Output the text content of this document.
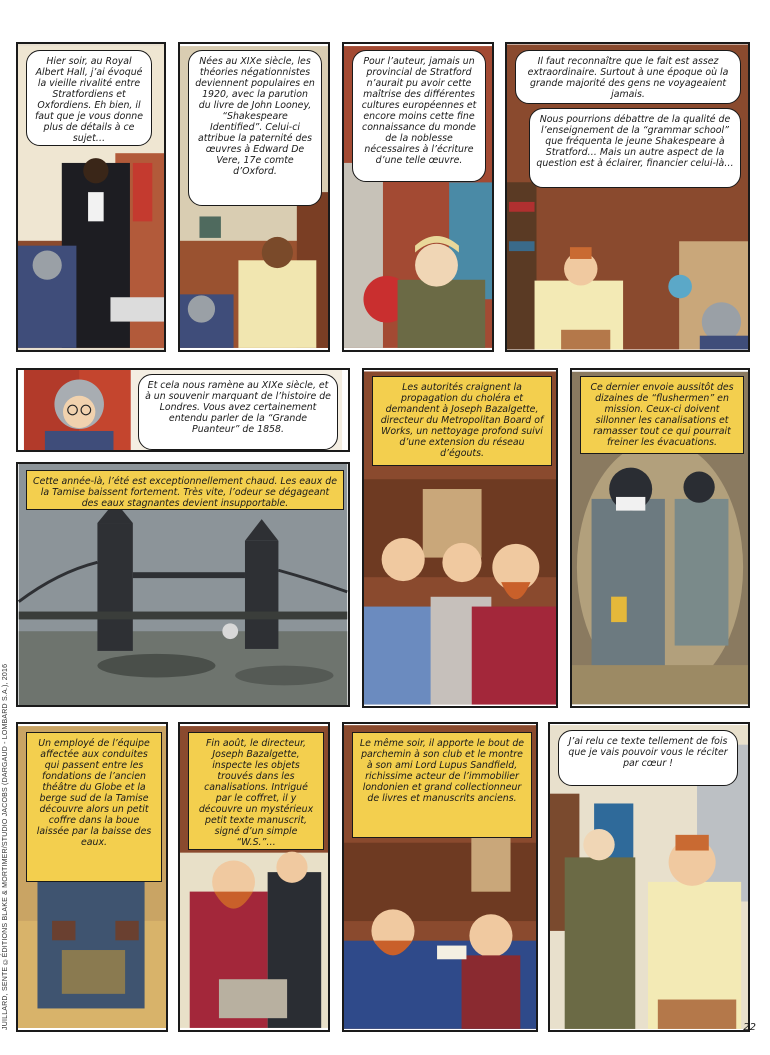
Hier soir, au Royal Albert Hall, j’ai évoqué la vieille rivalité entre Stratfordiens et Oxfordiens. Eh bien, il faut que je vous donne plus de détails à ce sujet…
Nées au XIXe siècle, les théories négationnistes deviennent populaires en 1920, avec la parution du livre de John Looney, “Shakespeare Identified”. Celui-ci attribue la paternité des œuvres à Edward De Vere, 17e comte d’Oxford.
Pour l’auteur, jamais un provincial de Stratford n’aurait pu avoir cette maîtrise des différentes cultures européennes et encore moins cette fine connaissance du monde de la noblesse nécessaires à l’écriture d’une telle œuvre.
Il faut reconnaître que le fait est assez extraordinaire. Surtout à une époque où la grande majorité des gens ne voyageaient jamais.
Nous pourrions débattre de la qualité de l’enseignement de la “grammar school” que fréquenta le jeune Shakespeare à Stratford… Mais un autre aspect de la question est à éclairer, financier celui-là…
Et cela nous ramène au XIXe siècle, et à un souvenir marquant de l’histoire de Londres. Vous avez certainement entendu parler de la “Grande Puanteur” de 1858.
Cette année-là, l’été est exceptionnellement chaud. Les eaux de la Tamise baissent fortement. Très vite, l’odeur se dégageant des eaux stagnantes devient insupportable.
Les autorités craignent la propagation du choléra et demandent à Joseph Bazalgette, directeur du Metropolitan Board of Works, un nettoyage profond suivi d’une extension du réseau d’égouts.
Ce dernier envoie aussitôt des dizaines de “flushermen” en mission. Ceux-ci doivent sillonner les canalisations et ramasser tout ce qui pourrait freiner les évacuations.
Un employé de l’équipe affectée aux conduites qui passent entre les fondations de l’ancien théâtre du Globe et la berge sud de la Tamise découvre alors un petit coffre dans la boue laissée par la baisse des eaux.
Fin août, le directeur, Joseph Bazalgette, inspecte les objets trouvés dans les canalisations. Intrigué par le coffret, il y découvre un mystérieux petit texte manuscrit, signé d’un simple “W.S.”…
Le même soir, il apporte le bout de parchemin à son club et le montre à son ami Lord Lupus Sandfield, richissime acteur de l’immobilier londonien et grand collectionneur de livres et manuscrits anciens.
J’ai relu ce texte tellement de fois que je vais pouvoir vous le réciter par cœur !
JUILLARD, SENTE ©ÉDITIONS BLAKE & MORTIMER/STUDIO JACOBS (DARGAUD - LOMBARD S.A.), 2016	22
